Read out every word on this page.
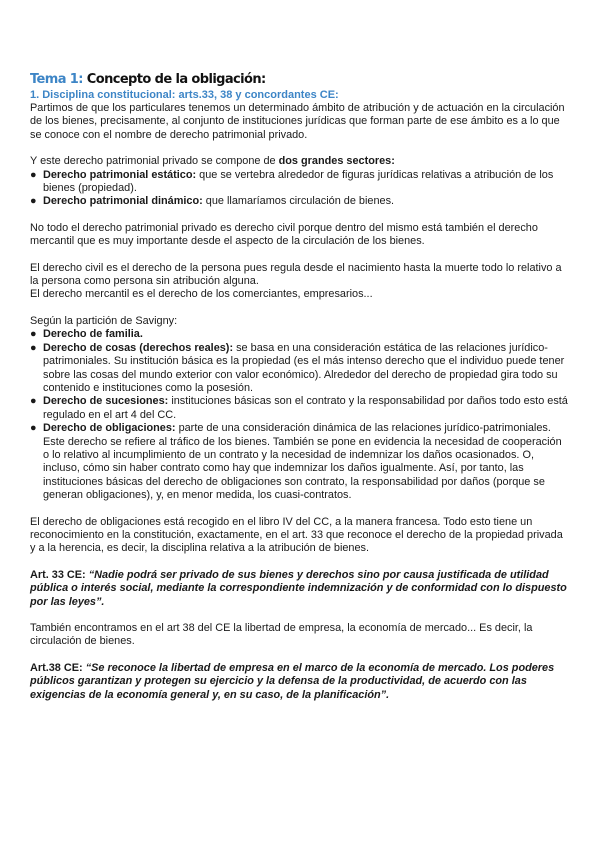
Tema 1: Concepto de la obligación:

1. Disciplina constitucional: arts.33, 38 y concordantes CE:

Partimos de que los particulares tenemos un determinado ámbito de atribución y de actuación en la circulación de los bienes, precisamente, al conjunto de instituciones jurídicas que forman parte de ese ámbito es a lo que se conoce con el nombre de derecho patrimonial privado.

Y este derecho patrimonial privado se compone de dos grandes sectores:

● Derecho patrimonial estático: que se vertebra alrededor de figuras jurídicas relativas a atribución de los bienes (propiedad).
● Derecho patrimonial dinámico: que llamaríamos circulación de bienes.

No todo el derecho patrimonial privado es derecho civil porque dentro del mismo está también el derecho mercantil que es muy importante desde el aspecto de la circulación de los bienes.

El derecho civil es el derecho de la persona pues regula desde el nacimiento hasta la muerte todo lo relativo a la persona como persona sin atribución alguna.

El derecho mercantil es el derecho de los comerciantes, empresarios...

Según la partición de Savigny:

● Derecho de familia.
● Derecho de cosas (derechos reales): se basa en una consideración estática de las relaciones jurídico-patrimoniales. Su institución básica es la propiedad (es el más intenso derecho que el individuo puede tener sobre las cosas del mundo exterior con valor económico). Alrededor del derecho de propiedad gira todo su contenido e instituciones como la posesión.
● Derecho de sucesiones: instituciones básicas son el contrato y la responsabilidad por daños todo esto está regulado en el art 4 del CC.
● Derecho de obligaciones: parte de una consideración dinámica de las relaciones jurídico-patrimoniales. Este derecho se refiere al tráfico de los bienes. También se pone en evidencia la necesidad de cooperación o lo relativo al incumplimiento de un contrato y la necesidad de indemnizar los daños ocasionados. O, incluso, cómo sin haber contrato como hay que indemnizar los daños igualmente. Así, por tanto, las instituciones básicas del derecho de obligaciones son contrato, la responsabilidad por daños (porque se generan obligaciones), y, en menor medida, los cuasi-contratos.

El derecho de obligaciones está recogido en el libro IV del CC, a la manera francesa. Todo esto tiene un reconocimiento en la constitución, exactamente, en el art. 33 que reconoce el derecho de la propiedad privada y a la herencia, es decir, la disciplina relativa a la atribución de bienes.

Art. 33 CE: “Nadie podrá ser privado de sus bienes y derechos sino por causa justificada de utilidad pública o interés social, mediante la correspondiente indemnización y de conformidad con lo dispuesto por las leyes”.

También encontramos en el art 38 del CE la libertad de empresa, la economía de mercado... Es decir, la circulación de bienes.

Art.38 CE: “Se reconoce la libertad de empresa en el marco de la economía de mercado. Los poderes públicos garantizan y protegen su ejercicio y la defensa de la productividad, de acuerdo con las exigencias de la economía general y, en su caso, de la planificación”.
